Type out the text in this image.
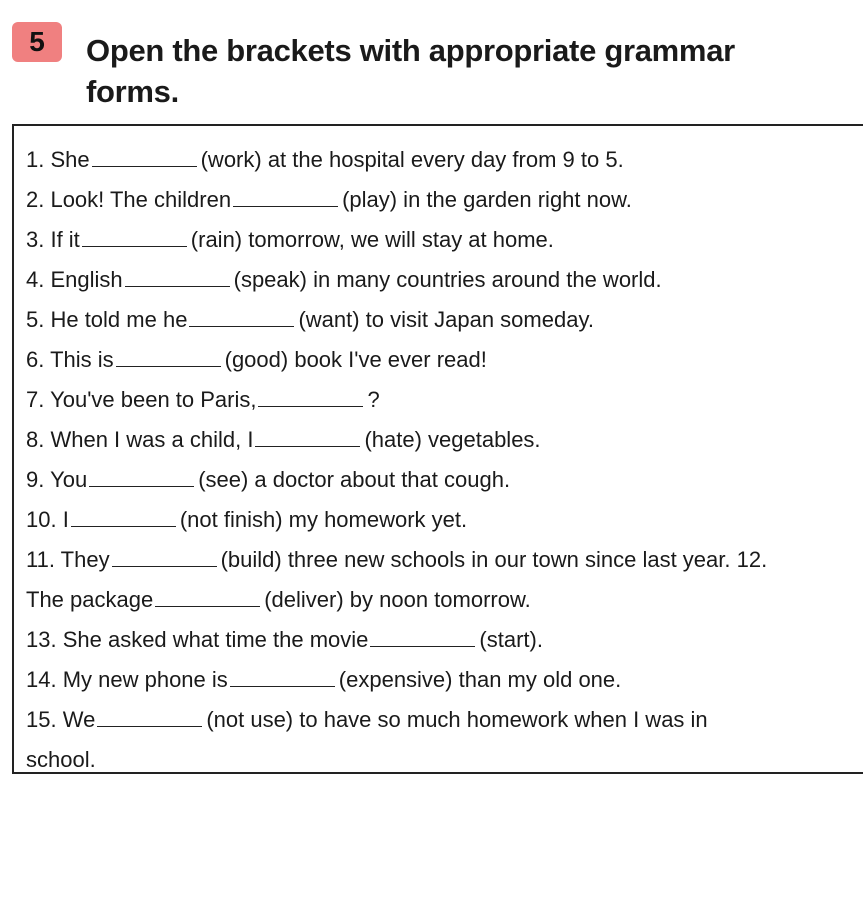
5	Open the brackets with appropriate grammar
forms.
1. She	(work) at the hospital every day from 9 to 5.
2. Look! The children	(play) in the garden right now.
3. If it	(rain) tomorrow, we will stay at home.
4. English	(speak) in many countries around the world.
5. He told me he	(want) to visit Japan someday.
6. This is	(good) book I've ever read!
7. You've been to Paris,	?
8. When I was a child, I	(hate) vegetables.
9. You	(see) a doctor about that cough.
10. I	(not finish) my homework yet.
11. They	(build) three new schools in our town since last year. 12.
The package	(deliver) by noon tomorrow.
13. She asked what time the movie	(start).
14. My new phone is	(expensive) than my old one.
15. We	(not use) to have so much homework when I was in
school.
